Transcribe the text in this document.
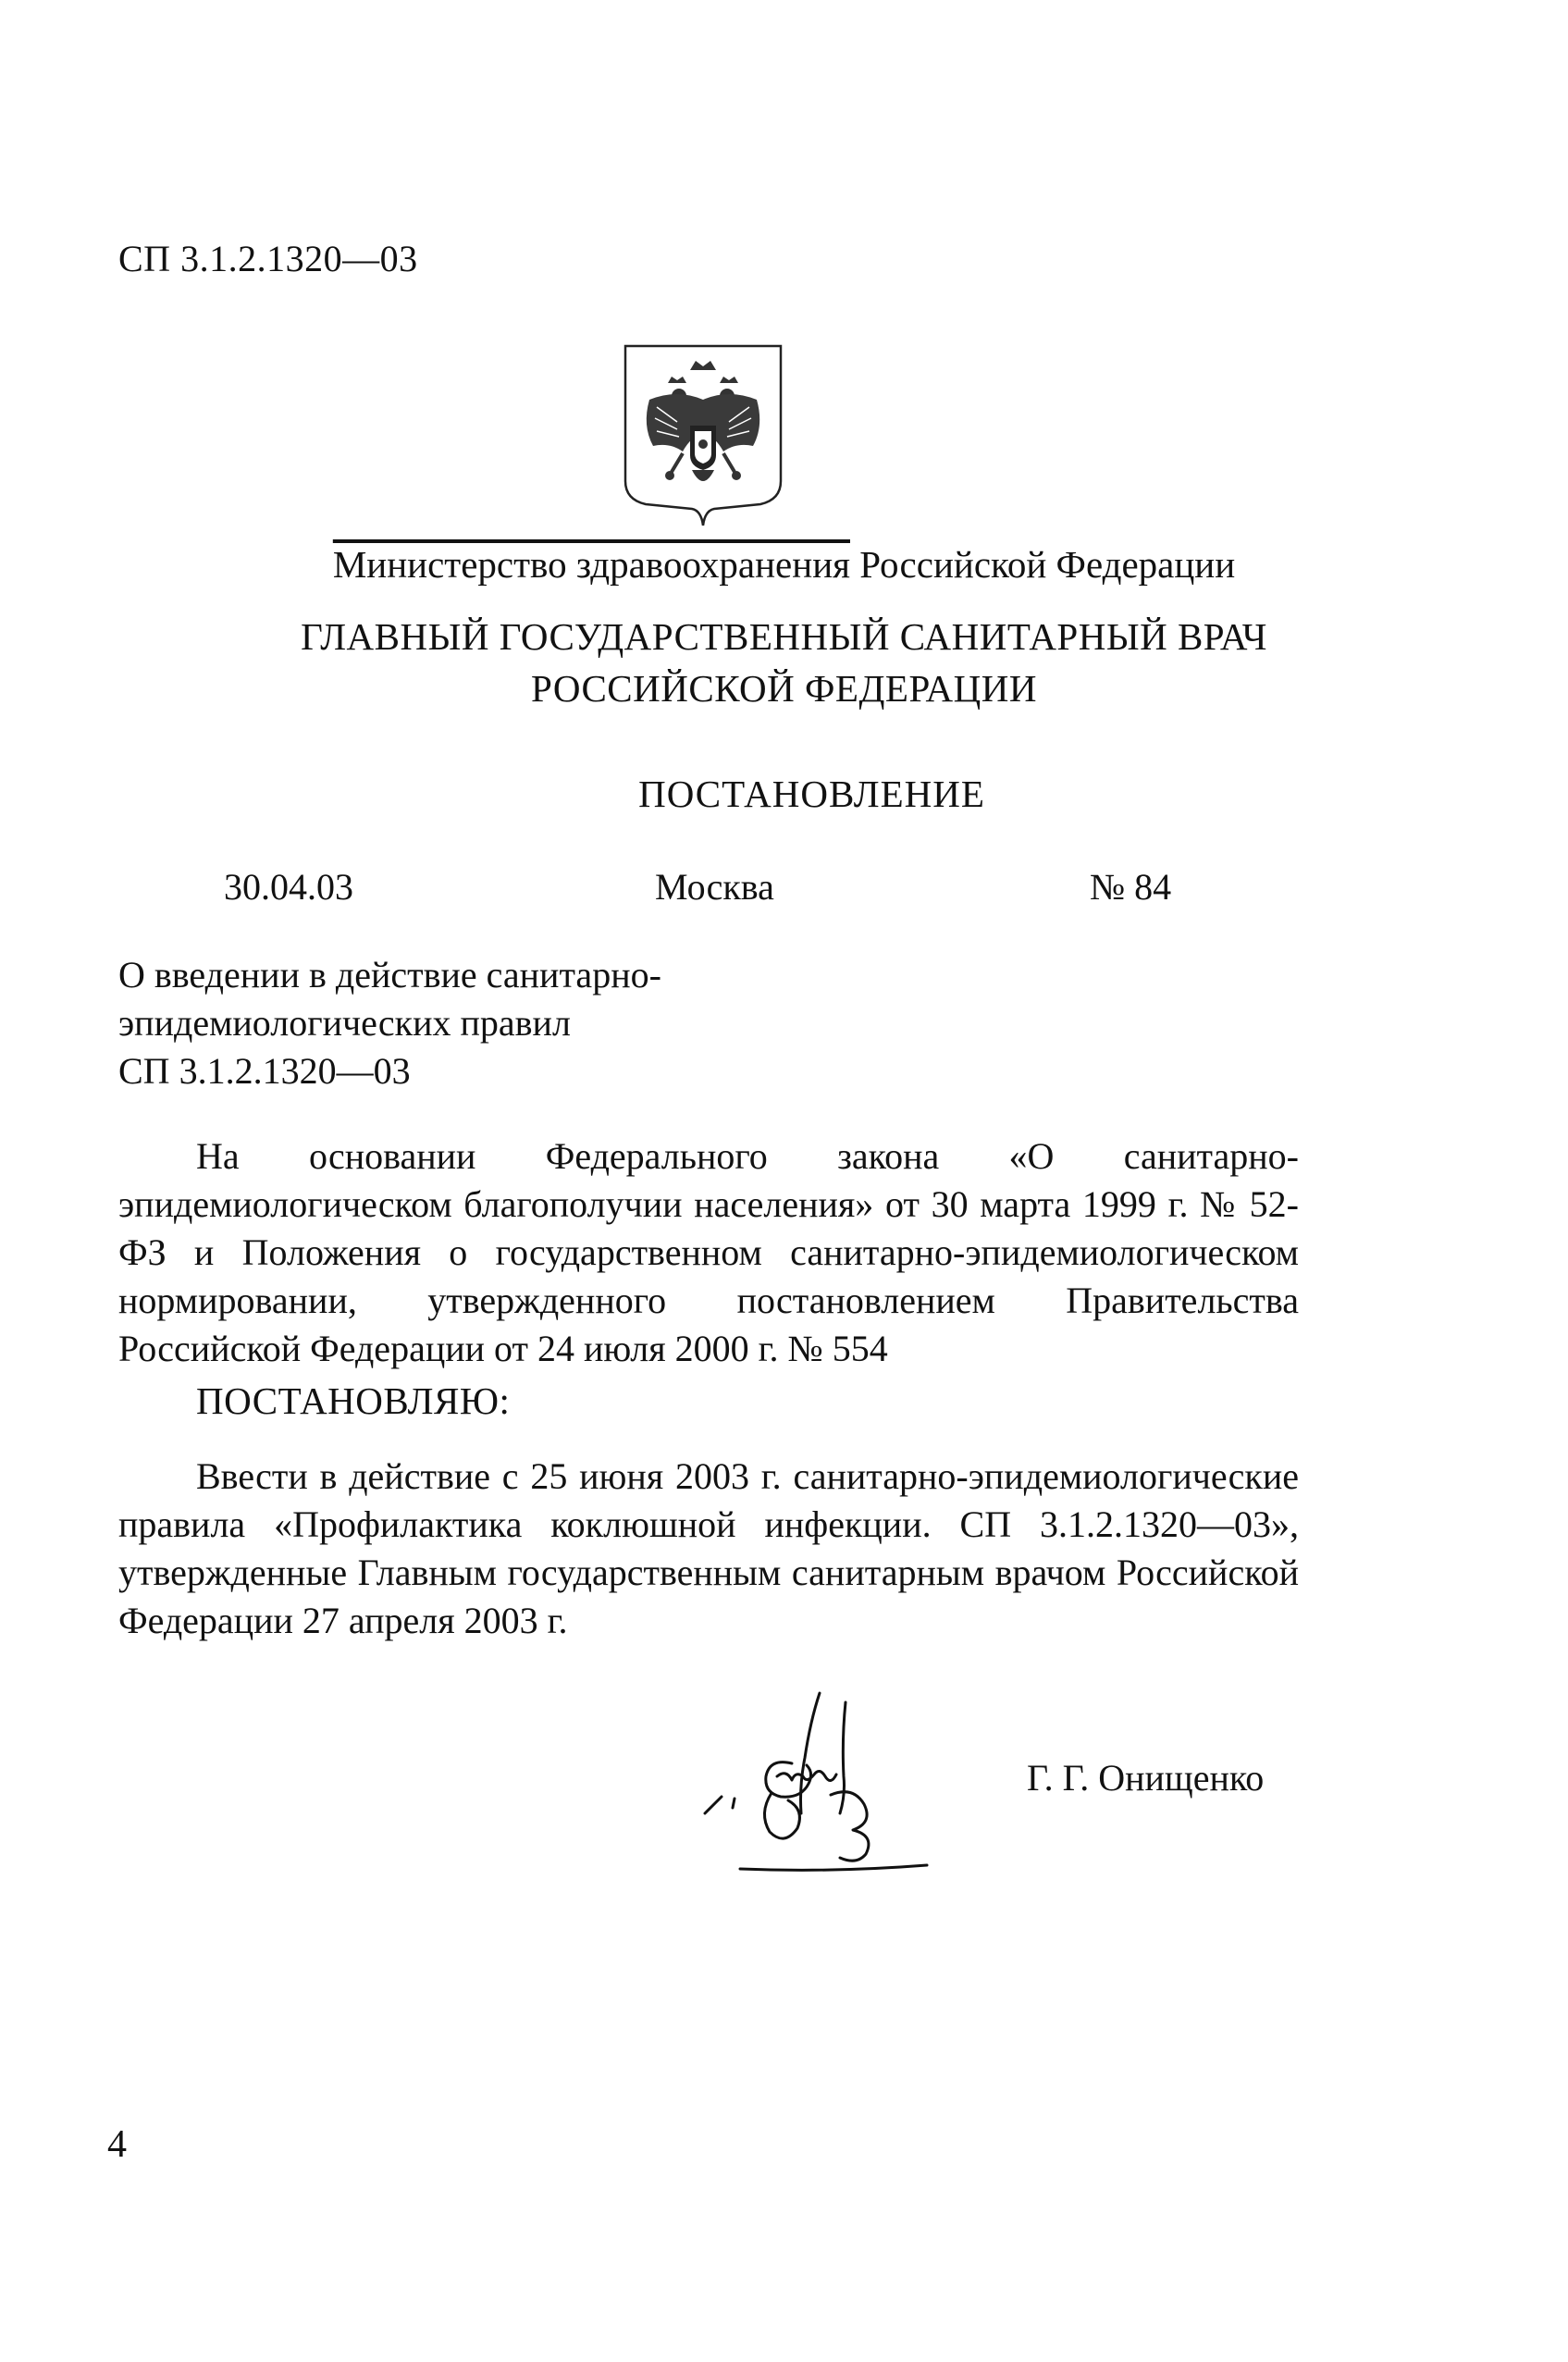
СП 3.1.2.1320—03
Министерство здравоохранения Российской Федерации
ГЛАВНЫЙ ГОСУДАРСТВЕННЫЙ САНИТАРНЫЙ ВРАЧ
РОССИЙСКОЙ ФЕДЕРАЦИИ
ПОСТАНОВЛЕНИЕ
30.04.03	Москва	№ 84
О введении в действие санитарно-
эпидемиологических правил
СП 3.1.2.1320—03
На основании Федерального закона «О санитарно-эпидемиологическом благополучии населения» от 30 марта 1999 г. № 52-ФЗ и Положения о государственном санитарно-эпидемиологическом нормировании, утвержденного постановлением Правительства Российской Федерации от 24 июля 2000 г. № 554
ПОСТАНОВЛЯЮ:
Ввести в действие с 25 июня 2003 г. санитарно-эпидемиологические правила «Профилактика коклюшной инфекции. СП 3.1.2.1320—03», утвержденные Главным государственным санитарным врачом Российской Федерации 27 апреля 2003 г.
Г. Г. Онищенко
4
